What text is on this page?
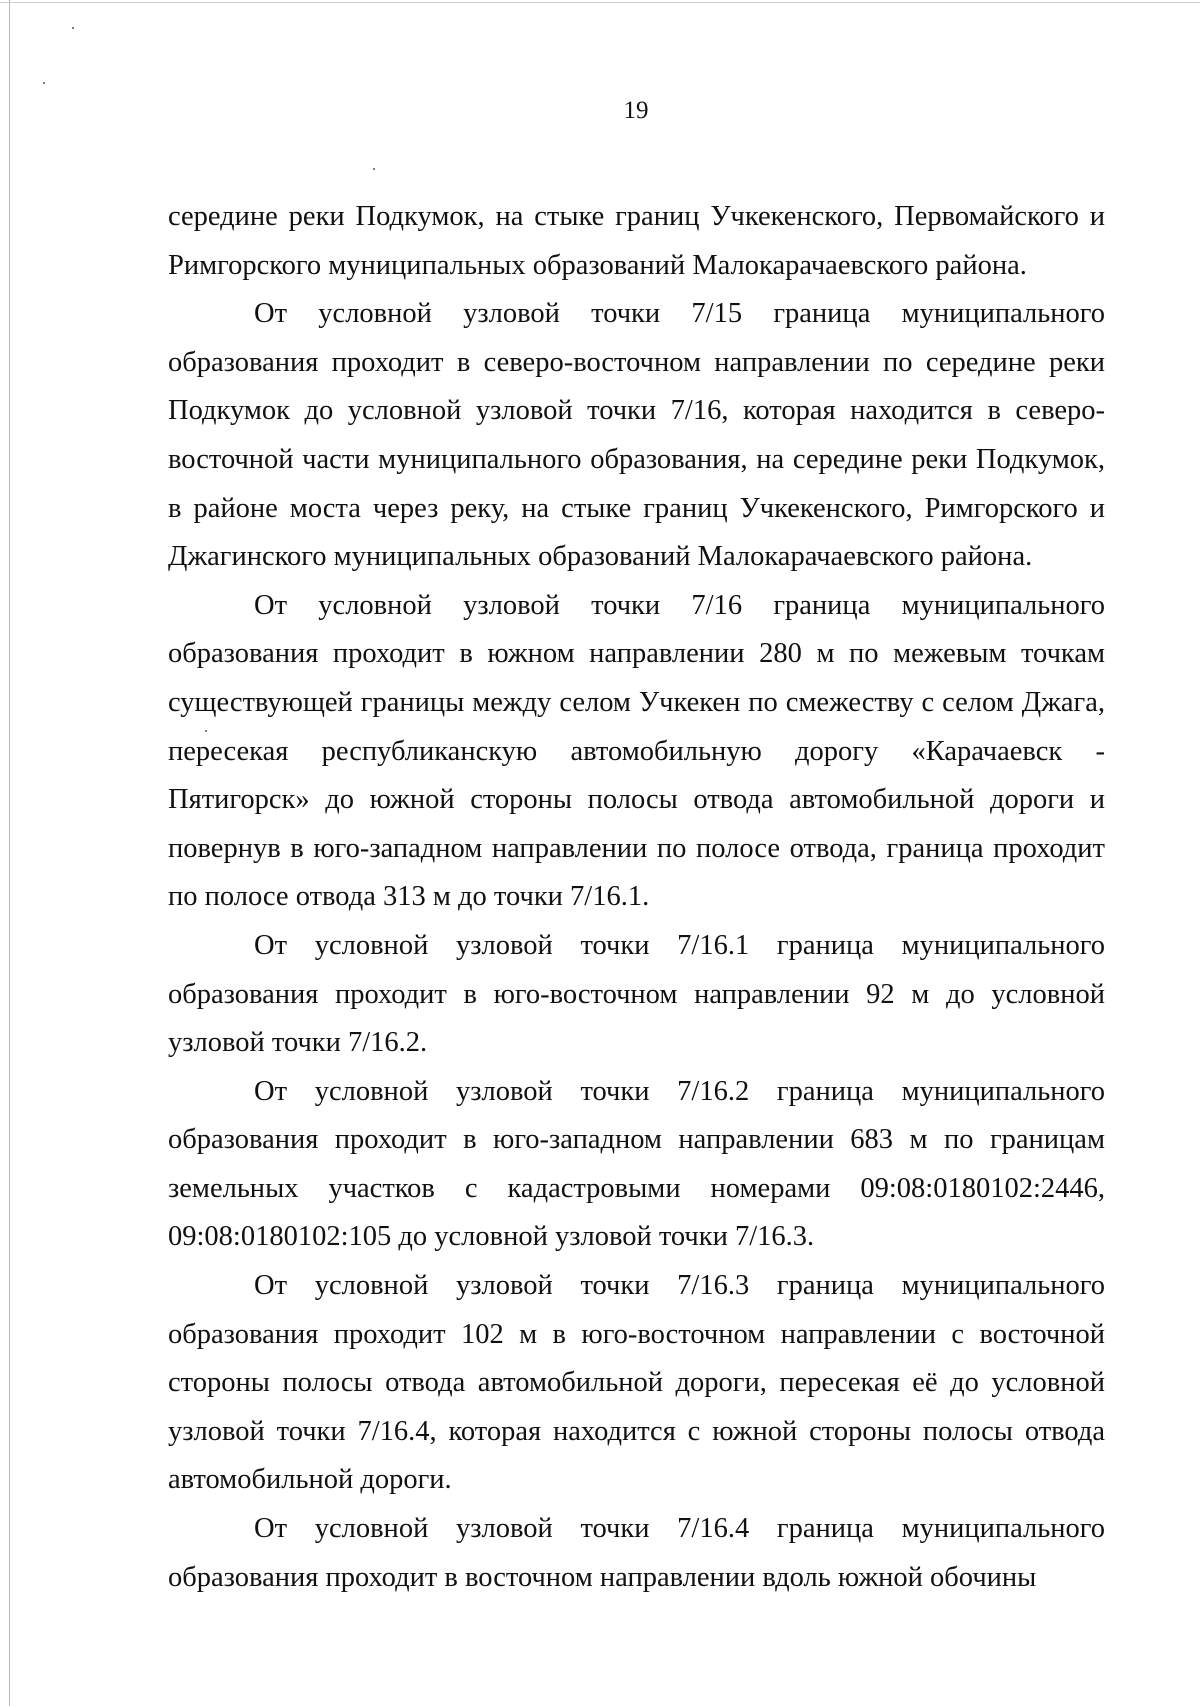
19

середине реки Подкумок, на стыке границ Учкекенского, Первомайского и Римгорского муниципальных образований Малокарачаевского района.

От условной узловой точки 7/15 граница муниципального образования проходит в северо-восточном направлении по середине реки Подкумок до условной узловой точки 7/16, которая находится в северо-восточной части муниципального образования, на середине реки Подкумок, в районе моста через реку, на стыке границ Учкекенского, Римгорского и Джагинского муниципальных образований Малокарачаевского района.

От условной узловой точки 7/16 граница муниципального образования проходит в южном направлении 280 м по межевым точкам существующей границы между селом Учкекен по смежеству с селом Джага, пересекая республиканскую автомобильную дорогу «Карачаевск - Пятигорск» до южной стороны полосы отвода автомобильной дороги и повернув в юго-западном направлении по полосе отвода, граница проходит по полосе отвода 313 м до точки 7/16.1.

От условной узловой точки 7/16.1 граница муниципального образования проходит в юго-восточном направлении 92 м до условной узловой точки 7/16.2.

От условной узловой точки 7/16.2 граница муниципального образования проходит в юго-западном направлении 683 м по границам земельных участков с кадастровыми номерами 09:08:0180102:2446, 09:08:0180102:105 до условной узловой точки 7/16.3.

От условной узловой точки 7/16.3 граница муниципального образования проходит 102 м в юго-восточном направлении с восточной стороны полосы отвода автомобильной дороги, пересекая её до условной узловой точки 7/16.4, которая находится с южной стороны полосы отвода автомобильной дороги.

От условной узловой точки 7/16.4 граница муниципального образования проходит в восточном направлении вдоль южной обочины
